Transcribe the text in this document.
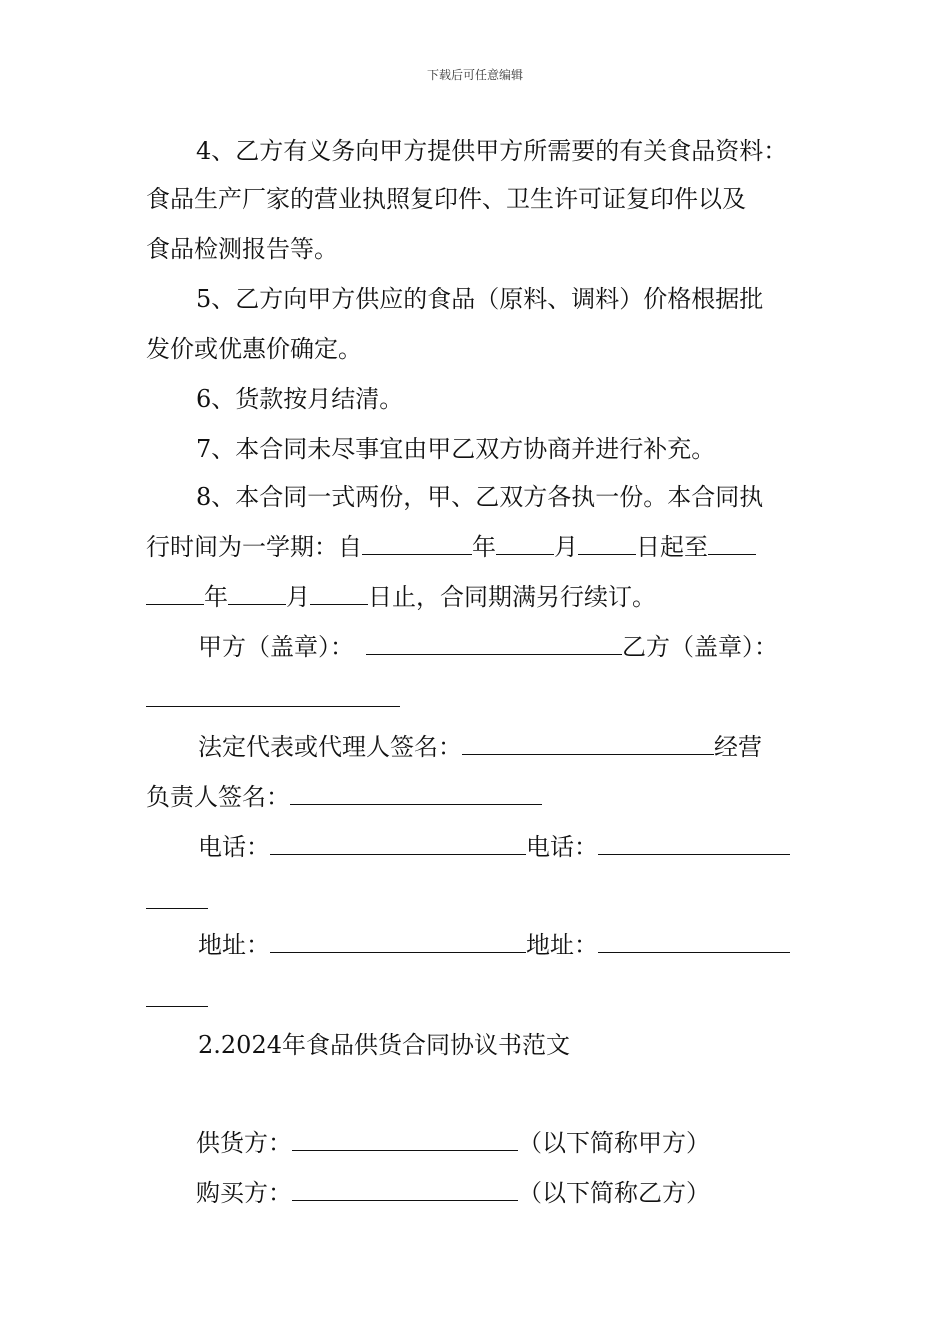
下载后可任意编辑
4、乙方有义务向甲方提供甲方所需要的有关食品资料：
食品生产厂家的营业执照复印件、卫生许可证复印件以及
食品检测报告等。
5、乙方向甲方供应的食品（原料、调料）价格根据批
发价或优惠价确定。
6、货款按月结清。
7、本合同未尽事宜由甲乙双方协商并进行补充。
8、本合同一式两份，甲、乙双方各执一份。本合同执
行时间为一学期：自	年 月 日起至
年 月 日止，合同期满另行续订。
甲方（盖章）：	乙方（盖章）：
法定代表或代理人签名：	经营
负责人签名：
电话：	电话：
地址：	地址：
2.2024年食品供货合同协议书范文
供货方：	（以下简称甲方）
购买方：	（以下简称乙方）
